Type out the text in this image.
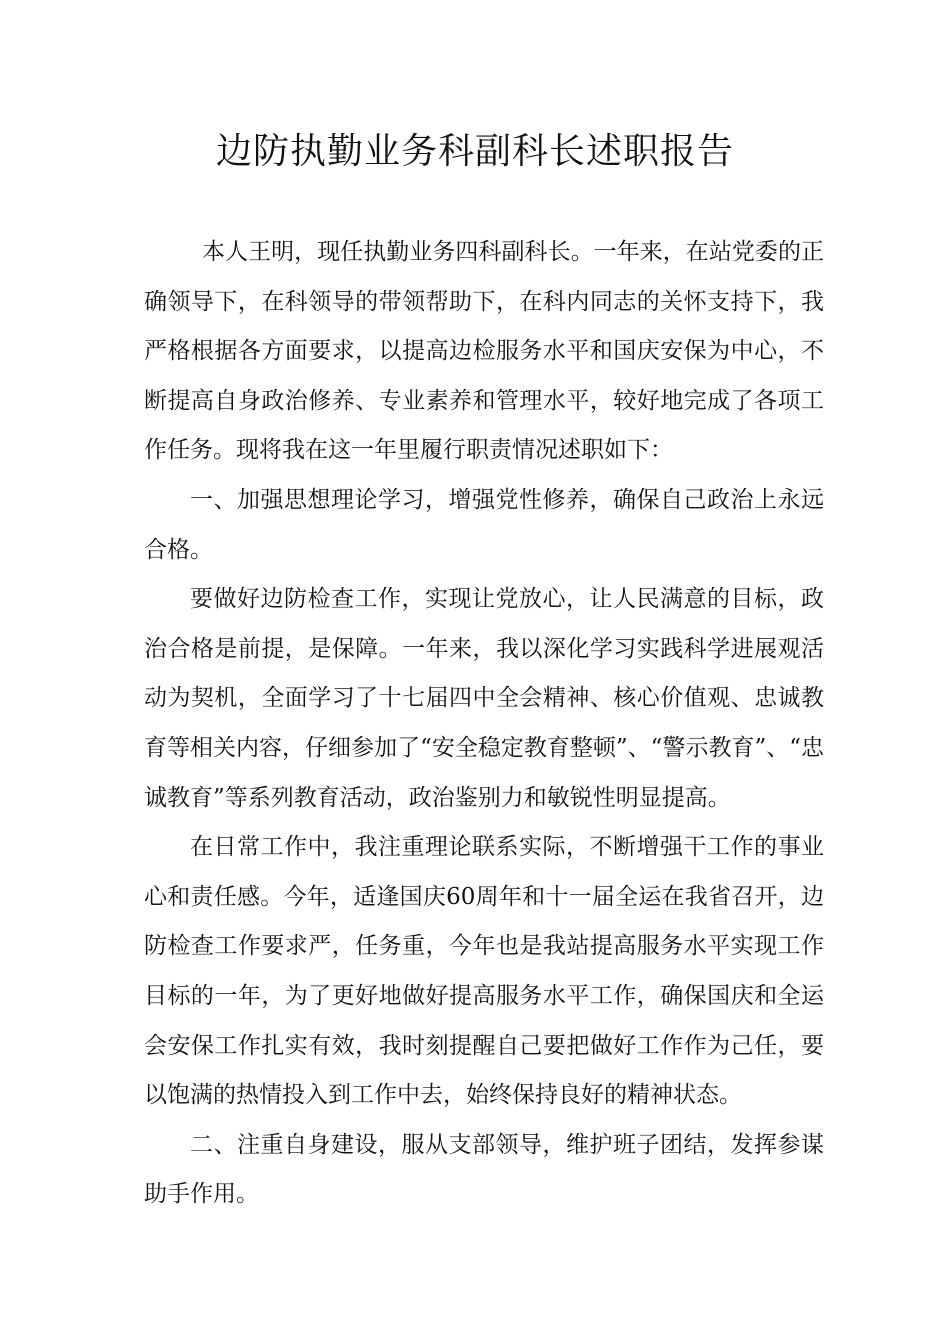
边防执勤业务科副科长述职报告

本人王明，现任执勤业务四科副科长。一年来，在站党委的正确领导下，在科领导的带领帮助下，在科内同志的关怀支持下，我严格根据各方面要求，以提高边检服务水平和国庆安保为中心，不断提高自身政治修养、专业素养和管理水平，较好地完成了各项工作任务。现将我在这一年里履行职责情况述职如下：

一、加强思想理论学习，增强党性修养，确保自己政治上永远合格。

要做好边防检查工作，实现让党放心，让人民满意的目标，政治合格是前提，是保障。一年来，我以深化学习实践科学进展观活动为契机，全面学习了十七届四中全会精神、核心价值观、忠诚教育等相关内容，仔细参加了“安全稳定教育整顿”、“警示教育”、“忠诚教育”等系列教育活动，政治鉴别力和敏锐性明显提高。

在日常工作中，我注重理论联系实际，不断增强干工作的事业心和责任感。今年，适逢国庆60周年和十一届全运在我省召开，边防检查工作要求严，任务重，今年也是我站提高服务水平实现工作目标的一年，为了更好地做好提高服务水平工作，确保国庆和全运会安保工作扎实有效，我时刻提醒自己要把做好工作作为己任，要以饱满的热情投入到工作中去，始终保持良好的精神状态。

二、注重自身建设，服从支部领导，维护班子团结，发挥参谋助手作用。
